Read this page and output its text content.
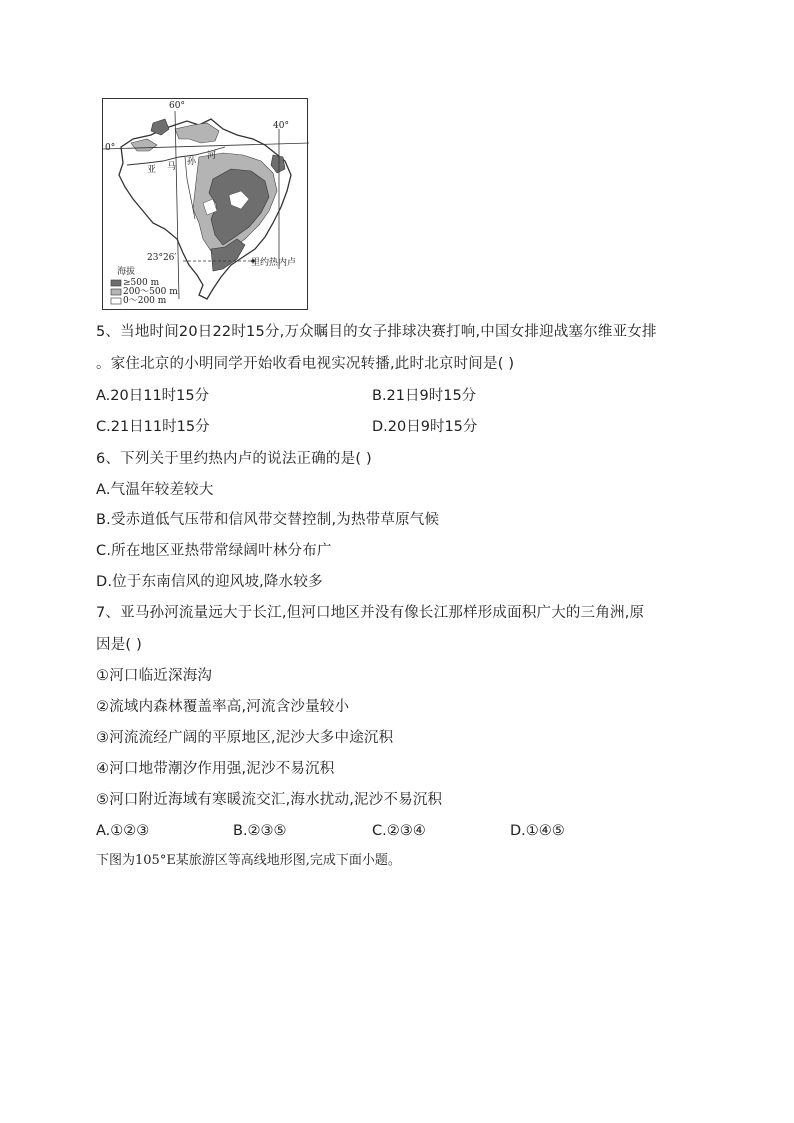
60°
40°
0°
亚 马 孙
河
23°26′	里约热内卢
海拔
≥500 m
200～500 m
0～200 m
5、当地时间20日22时15分,万众瞩目的女子排球决赛打响,中国女排迎战塞尔维亚女排
。家住北京的小明同学开始收看电视实况转播,此时北京时间是( )
A.20日11时15分	B.21日9时15分
C.21日11时15分	D.20日9时15分
6、下列关于里约热内卢的说法正确的是( )
A.气温年较差较大
B.受赤道低气压带和信风带交替控制,为热带草原气候
C.所在地区亚热带常绿阔叶林分布广
D.位于东南信风的迎风坡,降水较多
7、亚马孙河流量远大于长江,但河口地区并没有像长江那样形成面积广大的三角洲,原
因是( )
①河口临近深海沟
②流域内森林覆盖率高,河流含沙量较小
③河流流经广阔的平原地区,泥沙大多中途沉积
④河口地带潮汐作用强,泥沙不易沉积
⑤河口附近海域有寒暖流交汇,海水扰动,泥沙不易沉积
A.①②③	B.②③⑤	C.②③④	D.①④⑤
下图为105°E某旅游区等高线地形图,完成下面小题。
